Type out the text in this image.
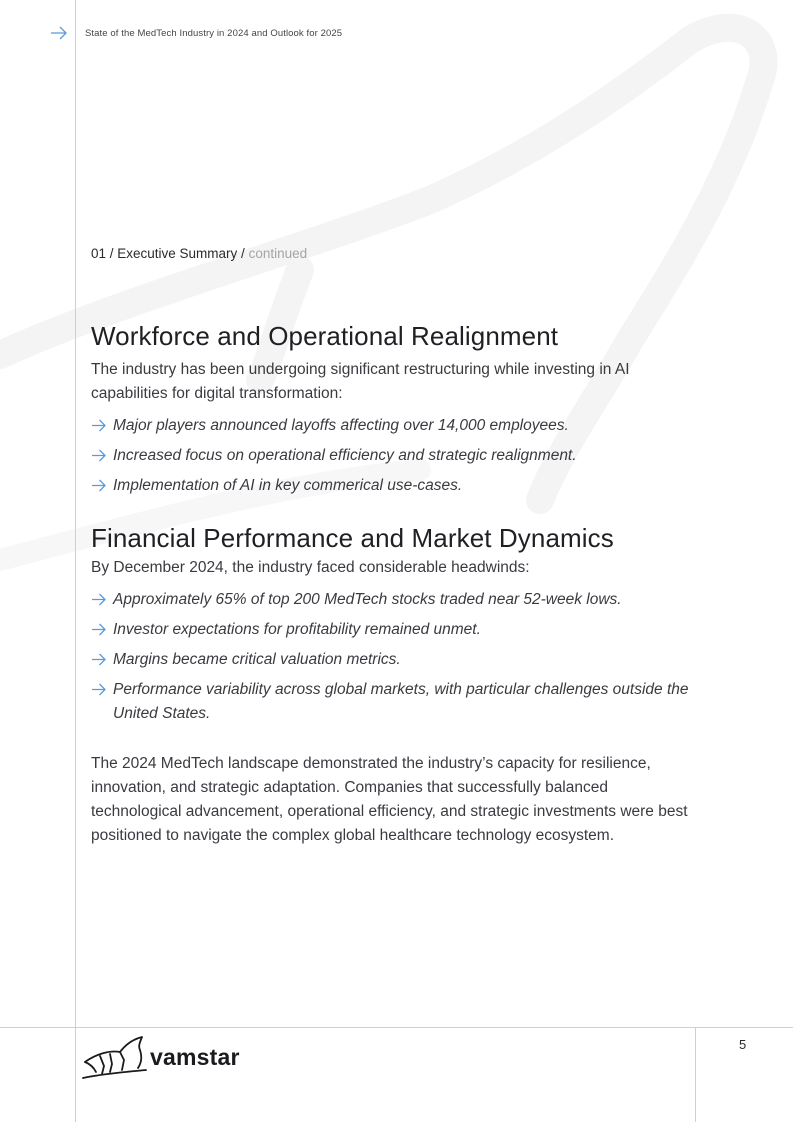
State of the MedTech Industry in 2024 and Outlook for 2025
01 / Executive Summary / continued
Workforce and Operational Realignment

The industry has been undergoing significant restructuring while investing in AI capabilities for digital transformation:

Major players announced layoffs affecting over 14,000 employees.
Increased focus on operational efficiency and strategic realignment.
Implementation of AI in key commerical use-cases.
Financial Performance and Market Dynamics

By December 2024, the industry faced considerable headwinds:

Approximately 65% of top 200 MedTech stocks traded near 52-week lows.
Investor expectations for profitability remained unmet.
Margins became critical valuation metrics.
Performance variability across global markets, with particular challenges outside the United States.

The 2024 MedTech landscape demonstrated the industry’s capacity for resilience, innovation, and strategic adaptation. Companies that successfully balanced technological advancement, operational efficiency, and strategic investments were best positioned to navigate the complex global healthcare technology ecosystem.

vamstar	5
